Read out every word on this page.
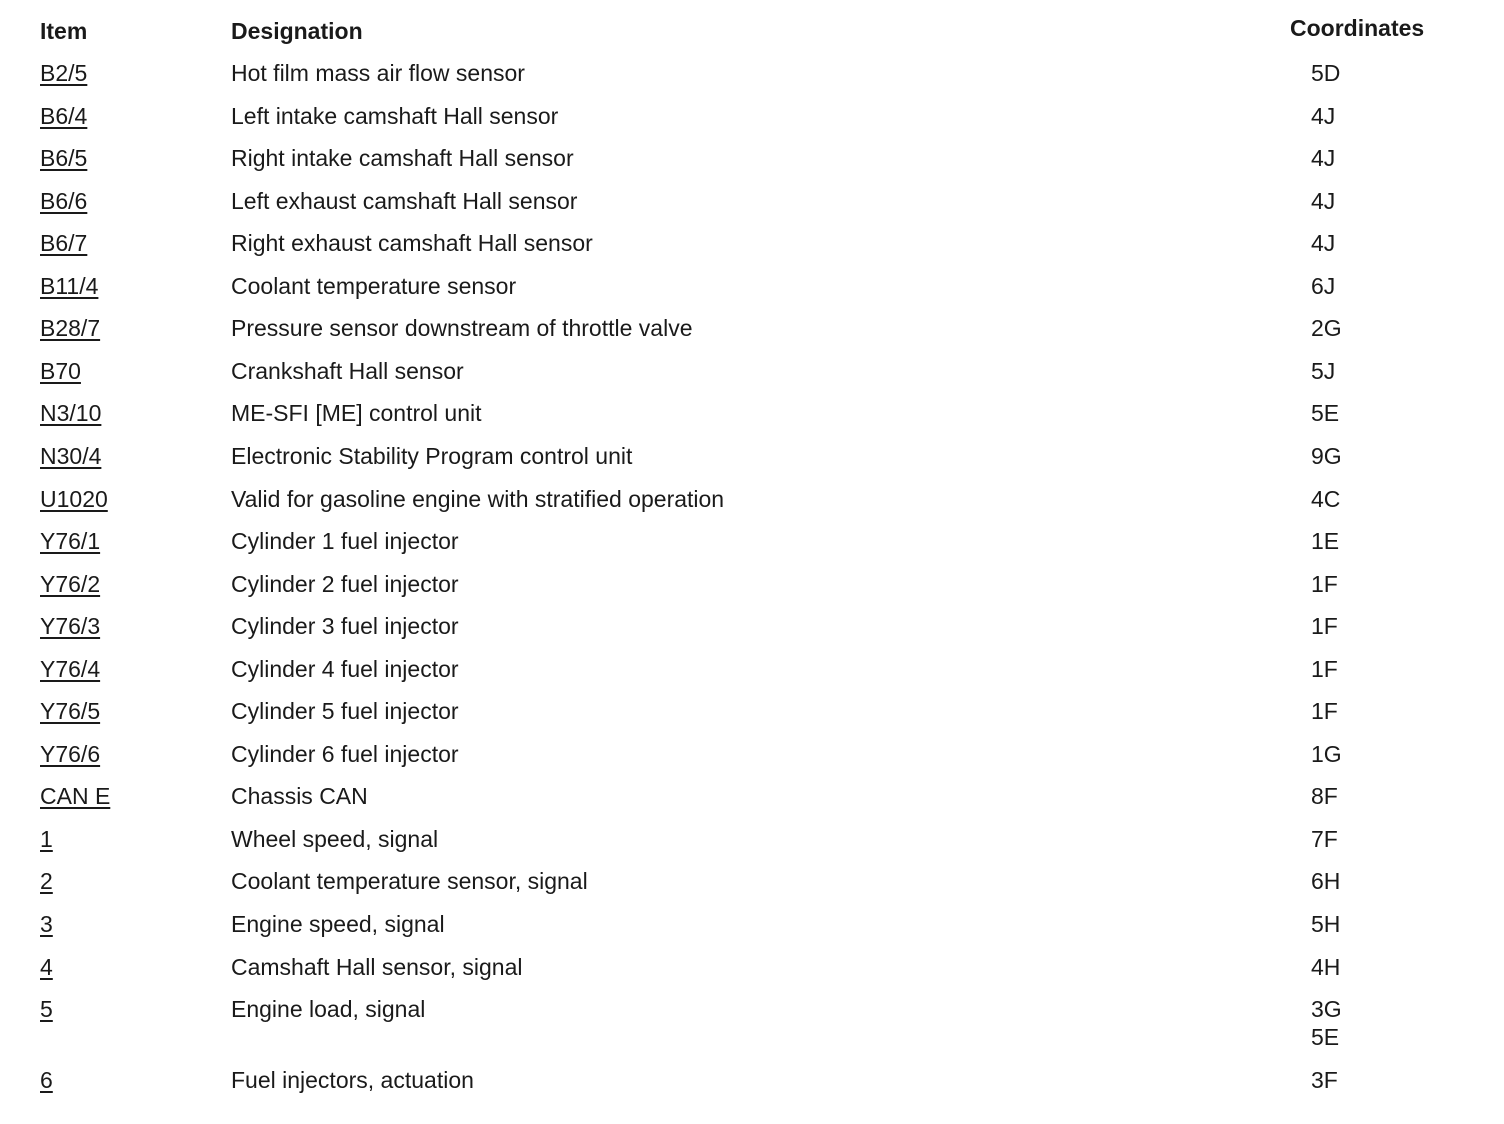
Item	Designation	Coordinates
B2/5	Hot film mass air flow sensor	5D
B6/4	Left intake camshaft Hall sensor	4J
B6/5	Right intake camshaft Hall sensor	4J
B6/6	Left exhaust camshaft Hall sensor	4J
B6/7	Right exhaust camshaft Hall sensor	4J
B11/4	Coolant temperature sensor	6J
B28/7	Pressure sensor downstream of throttle valve	2G
B70	Crankshaft Hall sensor	5J
N3/10	ME-SFI [ME] control unit	5E
N30/4	Electronic Stability Program control unit	9G
U1020	Valid for gasoline engine with stratified operation	4C
Y76/1	Cylinder 1 fuel injector	1E
Y76/2	Cylinder 2 fuel injector	1F
Y76/3	Cylinder 3 fuel injector	1F
Y76/4	Cylinder 4 fuel injector	1F
Y76/5	Cylinder 5 fuel injector	1F
Y76/6	Cylinder 6 fuel injector	1G
CAN E	Chassis CAN	8F
1	Wheel speed, signal	7F
2	Coolant temperature sensor, signal	6H
3	Engine speed, signal	5H
4	Camshaft Hall sensor, signal	4H
5	Engine load, signal	3G
5E
6	Fuel injectors, actuation	3F
